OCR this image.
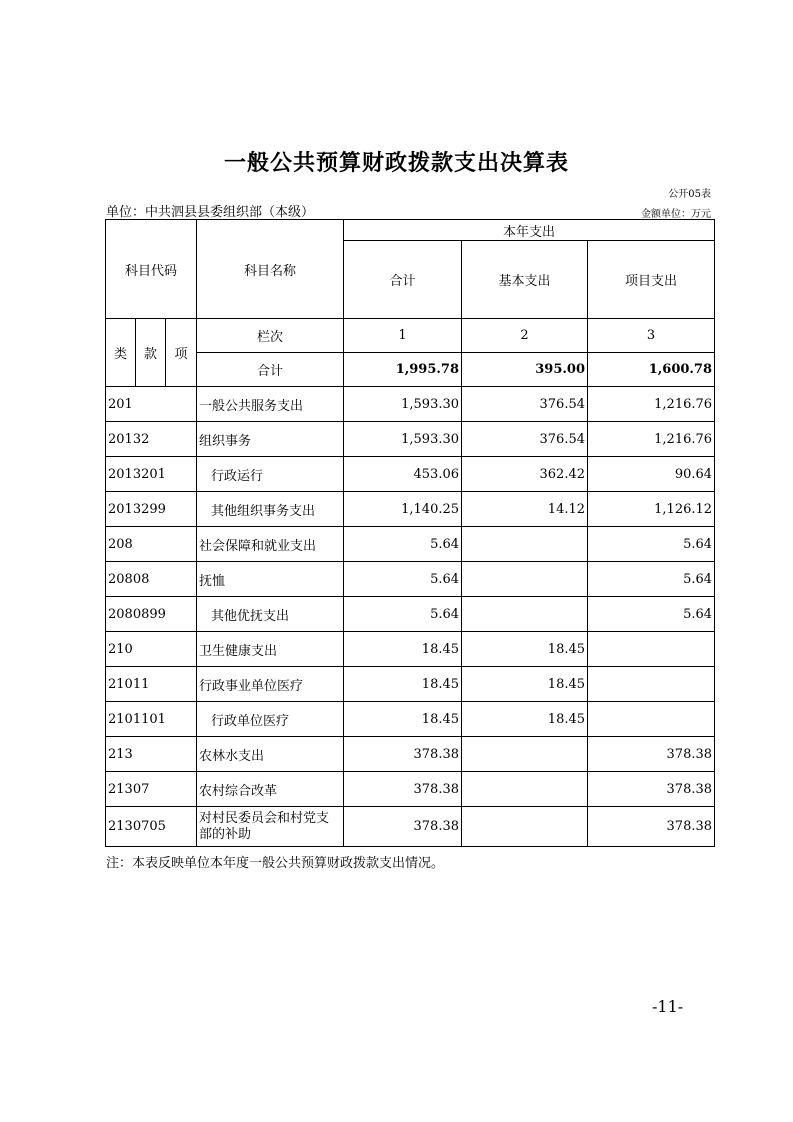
一般公共预算财政拨款支出决算表
公开05表
单位：中共泗县县委组织部（本级）	金额单位：万元
科目代码			科目名称	本年支出		
				合计	基本支出	项目支出
类	款	项	栏次	1	2	3
			合计	1,995.78	395.00	1,600.78
201			一般公共服务支出	1,593.30	376.54	1,216.76
20132			组织事务	1,593.30	376.54	1,216.76
2013201			行政运行	453.06	362.42	90.64
2013299			其他组织事务支出	1,140.25	14.12	1,126.12
208			社会保障和就业支出	5.64		5.64
20808			抚恤	5.64		5.64
2080899			其他优抚支出	5.64		5.64
210			卫生健康支出	18.45	18.45	
21011			行政事业单位医疗	18.45	18.45	
2101101			行政单位医疗	18.45	18.45	
213			农林水支出	378.38		378.38
21307			农村综合改革	378.38		378.38
2130705			对村民委员会和村党支部的补助	378.38		378.38
注：本表反映单位本年度一般公共预算财政拨款支出情况。
-11-
